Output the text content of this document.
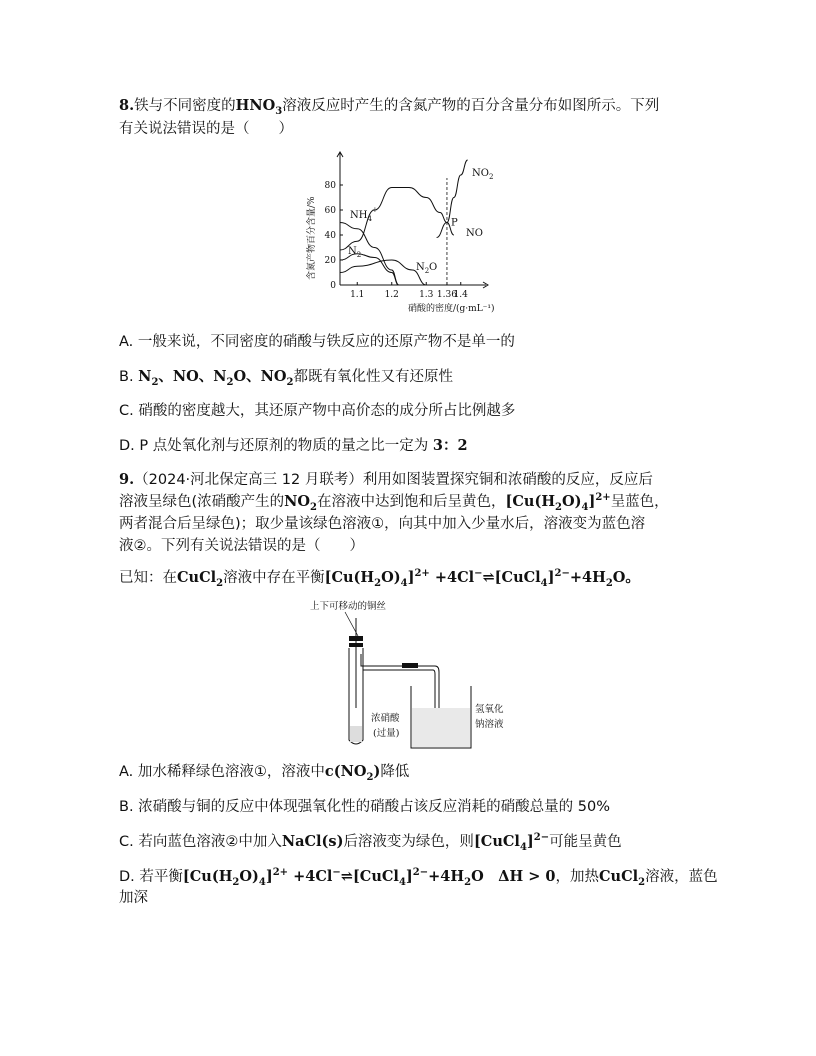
8.铁与不同密度的$HNO_3$溶液反应时产生的含氮产物的百分含量分布如图所示。下列
有关说法错误的是（　　）
0
20
40
60
80
1.1 1.2 1.3 1.36
1.4
含氮产物百分含量/%
硝酸的密度/(g·mL⁻¹)
$NO_2$
NO
$NH_4^+$
$N_2$
$N_2$ O
P
A. 一般来说，不同密度的硝酸与铁反应的还原产物不是单一的
B. $N_2$、NO、$N_2O$、$NO_2$都既有氧化性又有还原性
C. 硝酸的密度越大，其还原产物中高价态的成分所占比例越多
D. P 点处氧化剂与还原剂的物质的量之比一定为 3：2
9.（2024·河北保定高三 12 月联考）利用如图装置探究铜和浓硝酸的反应，反应后
溶液呈绿色(浓硝酸产生的$NO_2$在溶液中达到饱和后呈黄色，$[Cu(H_2O)_4]^{2+}$呈蓝色，
两者混合后呈绿色)；取少量该绿色溶液①，向其中加入少量水后，溶液变为蓝色溶
液②。下列有关说法错误的是（　　）
已知：在CuCl$_2$溶液中存在平衡$[Cu(H_2O)_4]^{2+}$ $+4Cl^-\rightleftharpoons[CuCl_4]^{2-}+4H_2O$。
上下可移动的铜丝
浓硝酸
(过量)
氢氧化
钠溶液
A. 加水稀释绿色溶液①，溶液中$c(NO_2)$降低
B. 浓硝酸与铜的反应中体现强氧化性的硝酸占该反应消耗的硝酸总量的 50%
C. 若向蓝色溶液②中加入NaCl(s)后溶液变为绿色，则[CuCl$_4$]$^{2-}$可能呈黄色
D. 若平衡$[Cu(H_2O)_4]^{2+}$ $+4Cl^-\rightleftharpoons[CuCl_4]^{2-}+4H_2O$　ΔH > 0，加热CuCl$_2$溶液，蓝色
加深
